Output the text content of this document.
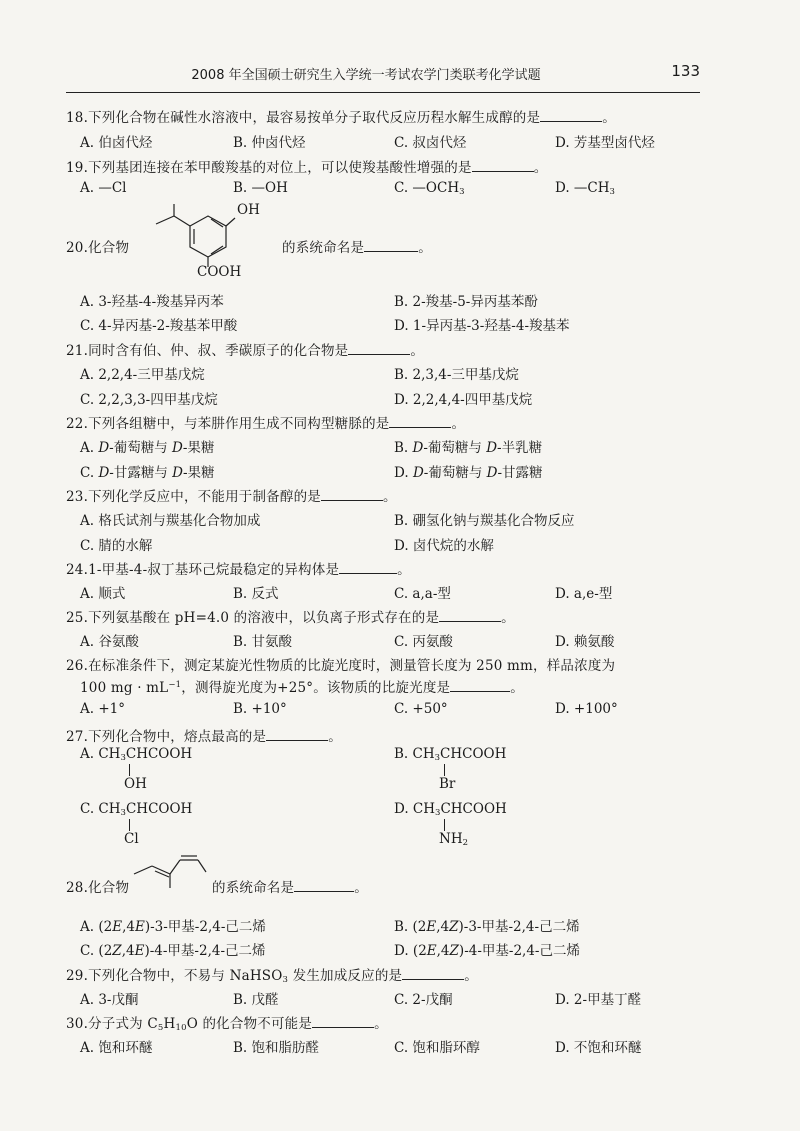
2008 年全国硕士研究生入学统一考试农学门类联考化学试题	133
18.下列化合物在碱性水溶液中，最容易按单分子取代反应历程水解生成醇的是	。
A. 伯卤代烃	B. 仲卤代烃	C. 叔卤代烃	D. 芳基型卤代烃
19.下列基团连接在苯甲酸羧基的对位上，可以使羧基酸性增强的是	。
A. —Cl	B. —OH	C. $—OCH_3$	D. $—CH_3$
20.化合物
OH
COOH
的系统命名是	。
A. 3-羟基-4-羧基异丙苯	B. 2-羧基-5-异丙基苯酚
C. 4-异丙基-2-羧基苯甲酸	D. 1-异丙基-3-羟基-4-羧基苯
21.同时含有伯、仲、叔、季碳原子的化合物是	。
A. 2,2,4-三甲基戊烷	B. 2,3,4-三甲基戊烷
C. 2,2,3,3-四甲基戊烷	D. 2,2,4,4-四甲基戊烷
22.下列各组糖中，与苯肼作用生成不同构型糖脎的是	。
A. D-葡萄糖与 D-果糖	B. D-葡萄糖与 D-半乳糖
C. D-甘露糖与 D-果糖	D. D-葡萄糖与 D-甘露糖
23.下列化学反应中，不能用于制备醇的是	。
A. 格氏试剂与羰基化合物加成	B. 硼氢化钠与羰基化合物反应
C. 腈的水解	D. 卤代烷的水解
24.1-甲基-4-叔丁基环己烷最稳定的异构体是	。
A. 顺式	B. 反式	C. a,a-型	D. a,e-型
25.下列氨基酸在 pH=4.0 的溶液中，以负离子形式存在的是	。
A. 谷氨酸	B. 甘氨酸	C. 丙氨酸	D. 赖氨酸
26.在标准条件下，测定某旋光性物质的比旋光度时，测量管长度为 250 mm，样品浓度为
100 mg · $mL^{-1}$，测得旋光度为+25°。该物质的比旋光度是	。
A. +1°	B. +10°	C. +50°	D. +100°
27.下列化合物中，熔点最高的是	。
A. $CH_3CHCOOH$
OH
B. $CH_3CHCOOH$
Br
C. $CH_3CHCOOH$
Cl
D. $CH_3CHCOOH$
$NH_2$
28.化合物	的系统命名是	。
A. (2E,4E)-3-甲基-2,4-己二烯	B. (2E,4Z)-3-甲基-2,4-己二烯
C. (2Z,4E)-4-甲基-2,4-己二烯	D. (2E,4Z)-4-甲基-2,4-己二烯
29.下列化合物中，不易与 NaHSO$_3$ 发生加成反应的是	。
A. 3-戊酮	B. 戊醛	C. 2-戊酮	D. 2-甲基丁醛
30.分子式为 $C_5H_{10}O$ 的化合物不可能是	。
A. 饱和环醚	B. 饱和脂肪醛	C. 饱和脂环醇	D. 不饱和环醚
